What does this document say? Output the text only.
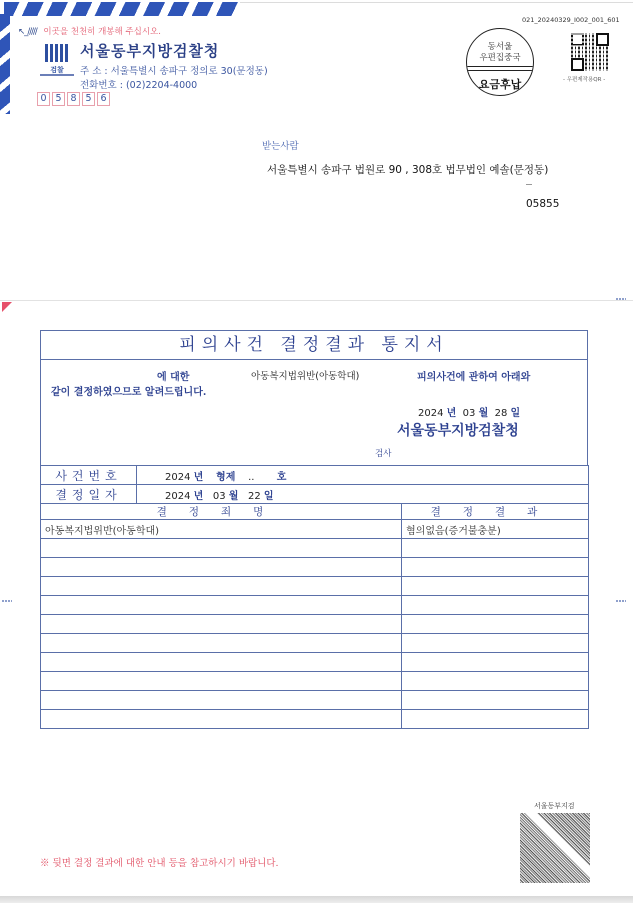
↖_///// 이곳을 천천히 개봉해 주십시오.
검찰
서울동부지방검찰청
주 소 : 서울특별시 송파구 정의로 30(문정동)
전화번호 : (02)2204-4000
0 5 8 5 6
021_20240329_I002_001_601
동서울
우편집중국
요금후납	- 우편제작용QR -
받는사람
서울특별시 송파구 법원로 90 , 308호 법무법인 예솔(문정동)
05855
피의사건 결정결과 통지서
에 대한	아동복지법위반(아동학대)	피의사건에 관하여 아래와
같이 결정하였으므로 알려드립니다.
2024 년 03 월 28 일
서울동부지방검찰청
검사
사건번호	2024 년 형제 .. 호	
결정일자	2024 년 03 월 22 일	
결정죄명		결정결과
아동복지법위반(아동학대)		혐의없음(증거불충분)

서울동부지검
※ 뒷면 결정 결과에 대한 안내 등을 참고하시기 바랍니다.
